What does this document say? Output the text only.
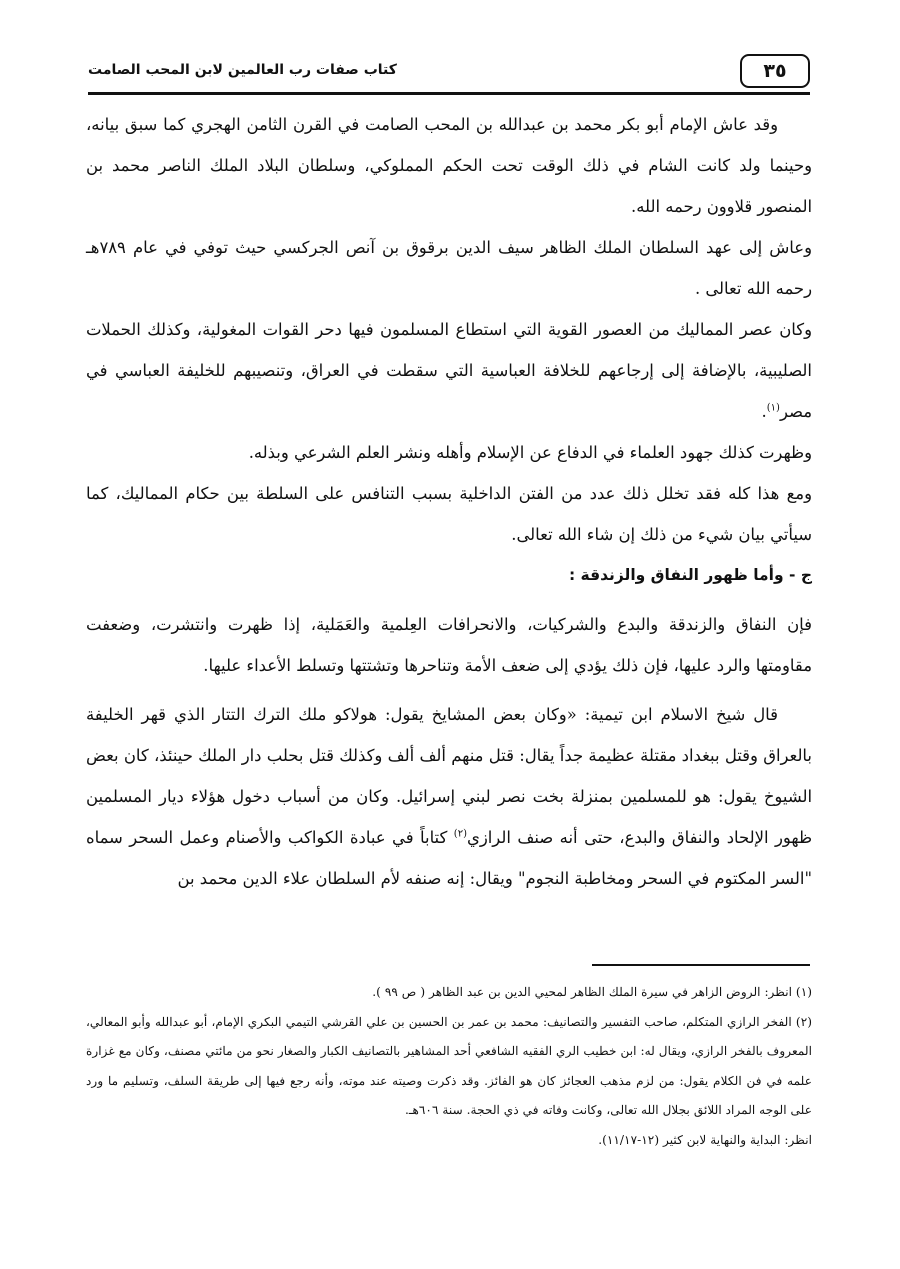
٣٥
كتاب صفات رب العالمين لابن المحب الصامت

وقد عاش الإمام أبو بكر محمد بن عبدالله بن المحب الصامت في القرن الثامن الهجري كما سبق بيانه، وحينما ولد كانت الشام في ذلك الوقت تحت الحكم المملوكي، وسلطان البلاد الملك الناصر محمد بن المنصور قلاوون رحمه الله.

وعاش إلى عهد السلطان الملك الظاهر سيف الدين برقوق بن آنص الجركسي حيث توفي في عام ٧٨٩هـ رحمه الله تعالى .

وكان عصر المماليك من العصور القوية التي استطاع المسلمون فيها دحر القوات المغولية، وكذلك الحملات الصليبية، بالإضافة إلى إرجاعهم للخلافة العباسية التي سقطت في العراق، وتنصيبهم للخليفة العباسي في مصر$^{(١)}$.

وظهرت كذلك جهود العلماء في الدفاع عن الإسلام وأهله ونشر العلم الشرعي وبذله.

ومع هذا كله فقد تخلل ذلك عدد من الفتن الداخلية بسبب التنافس على السلطة بين حكام المماليك، كما سيأتي بيان شيء من ذلك إن شاء الله تعالى.

ج - وأما ظهور النفاق والزندقة :

فإن النفاق والزندقة والبدع والشركيات، والانحرافات العِلمية والعَمَلية، إذا ظهرت وانتشرت، وضعفت مقاومتها والرد عليها، فإن ذلك يؤدي إلى ضعف الأمة وتناحرها وتشتتها وتسلط الأعداء عليها.

قال شيخ الاسلام ابن تيمية: «وكان بعض المشايخ يقول: هولاكو ملك الترك التتار الذي قهر الخليفة بالعراق وقتل ببغداد مقتلة عظيمة جداً يقال: قتل منهم ألف ألف وكذلك قتل بحلب دار الملك حينئذ، كان بعض الشيوخ يقول: هو للمسلمين بمنزلة بخت نصر لبني إسرائيل. وكان من أسباب دخول هؤلاء ديار المسلمين ظهور الإلحاد والنفاق والبدع، حتى أنه صنف الرازي$^{(٢)}$ كتاباً في عبادة الكواكب والأصنام وعمل السحر سماه "السر المكتوم في السحر ومخاطبة النجوم" ويقال: إنه صنفه لأم السلطان علاء الدين محمد بن

(١) انظر: الروض الزاهر في سيرة الملك الظاهر لمحيي الدين بن عبد الظاهر ( ص ٩٩ ).

(٢) الفخر الرازي المتكلم، صاحب التفسير والتصانيف: محمد بن عمر بن الحسين بن علي القرشي التيمي البكري الإمام، أبو عبدالله وأبو المعالي، المعروف بالفخر الرازي، ويقال له: ابن خطيب الري الفقيه الشافعي أحد المشاهير بالتصانيف الكبار والصغار نحو من مائتي مصنف، وكان مع غزارة علمه في فن الكلام يقول: من لزم مذهب العجائز كان هو الفائز. وقد ذكرت وصيته عند موته، وأنه رجع فيها إلى طريقة السلف، وتسليم ما ورد على الوجه المراد اللائق بجلال الله تعالى، وكانت وفاته في ذي الحجة. سنة ٦٠٦هـ.

انظر: البداية والنهاية لابن كثير (١٢-١١/١٧).
